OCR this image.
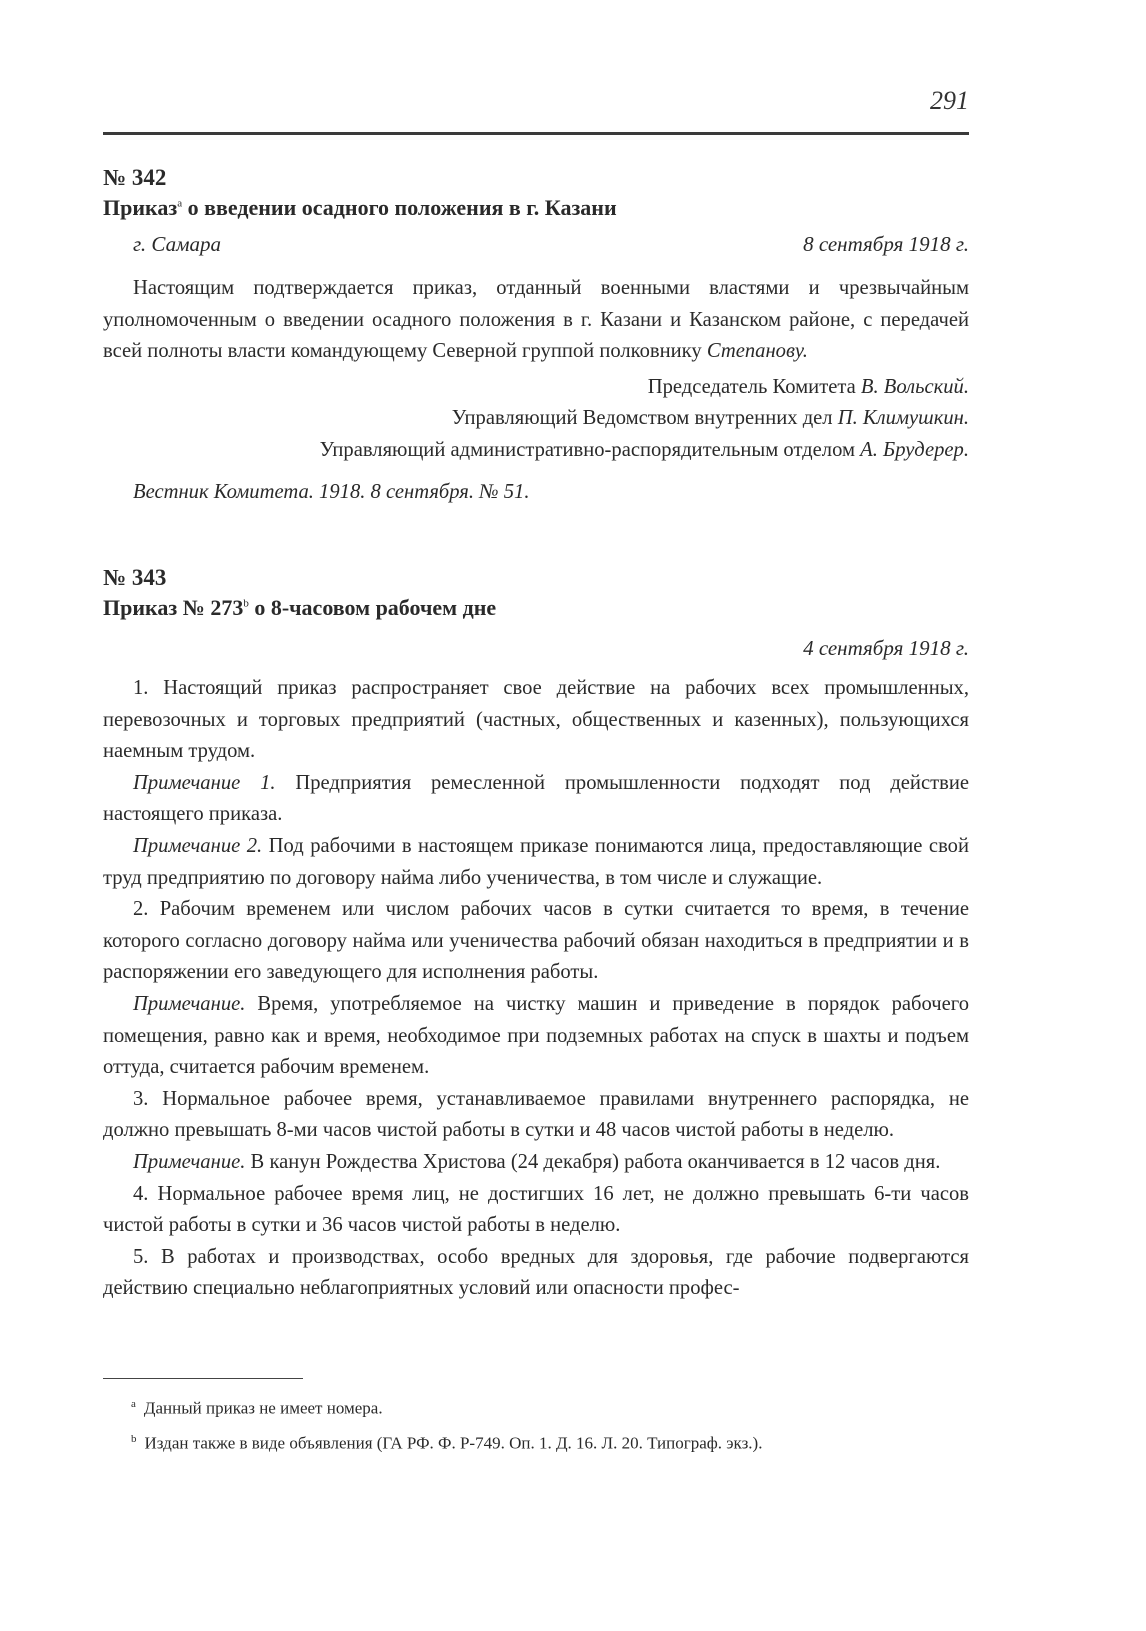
291
№ 342
Приказ$^a$ о введении осадного положения в г. Казани
г. Самара	8 сентября 1918 г.

Настоящим подтверждается приказ, отданный военными властями и чрезвычайным уполномоченным о введении осадного положения в г. Казани и Казанском районе, с передачей всей полноты власти командующему Северной группой полковнику Степанову.

Председатель Комитета В. Вольский.
Управляющий Ведомством внутренних дел П. Климушкин.
Управляющий административно-распорядительным отделом А. Брудерер.
Вестник Комитета. 1918. 8 сентября. № 51.
№ 343
Приказ № 273$^b$ о 8-часовом рабочем дне
4 сентября 1918 г.

1. Настоящий приказ распространяет свое действие на рабочих всех промышленных, перевозочных и торговых предприятий (частных, общественных и казенных), пользующихся наемным трудом.

Примечание 1. Предприятия ремесленной промышленности подходят под действие настоящего приказа.

Примечание 2. Под рабочими в настоящем приказе понимаются лица, предоставляющие свой труд предприятию по договору найма либо ученичества, в том числе и служащие.

2. Рабочим временем или числом рабочих часов в сутки считается то время, в течение которого согласно договору найма или ученичества рабочий обязан находиться в предприятии и в распоряжении его заведующего для исполнения работы.

Примечание. Время, употребляемое на чистку машин и приведение в порядок рабочего помещения, равно как и время, необходимое при подземных работах на спуск в шахты и подъем оттуда, считается рабочим временем.

3. Нормальное рабочее время, устанавливаемое правилами внутреннего распорядка, не должно превышать 8-ми часов чистой работы в сутки и 48 часов чистой работы в неделю.

Примечание. В канун Рождества Христова (24 декабря) работа оканчивается в 12 часов дня.

4. Нормальное рабочее время лиц, не достигших 16 лет, не должно превышать 6-ти часов чистой работы в сутки и 36 часов чистой работы в неделю.

5. В работах и производствах, особо вредных для здоровья, где рабочие подвергаются действию специально неблагоприятных условий или опасности профес-

$^a$ Данный приказ не имеет номера.
$^b$ Издан также в виде объявления (ГА РФ. Ф. Р-749. Оп. 1. Д. 16. Л. 20. Типограф. экз.).
